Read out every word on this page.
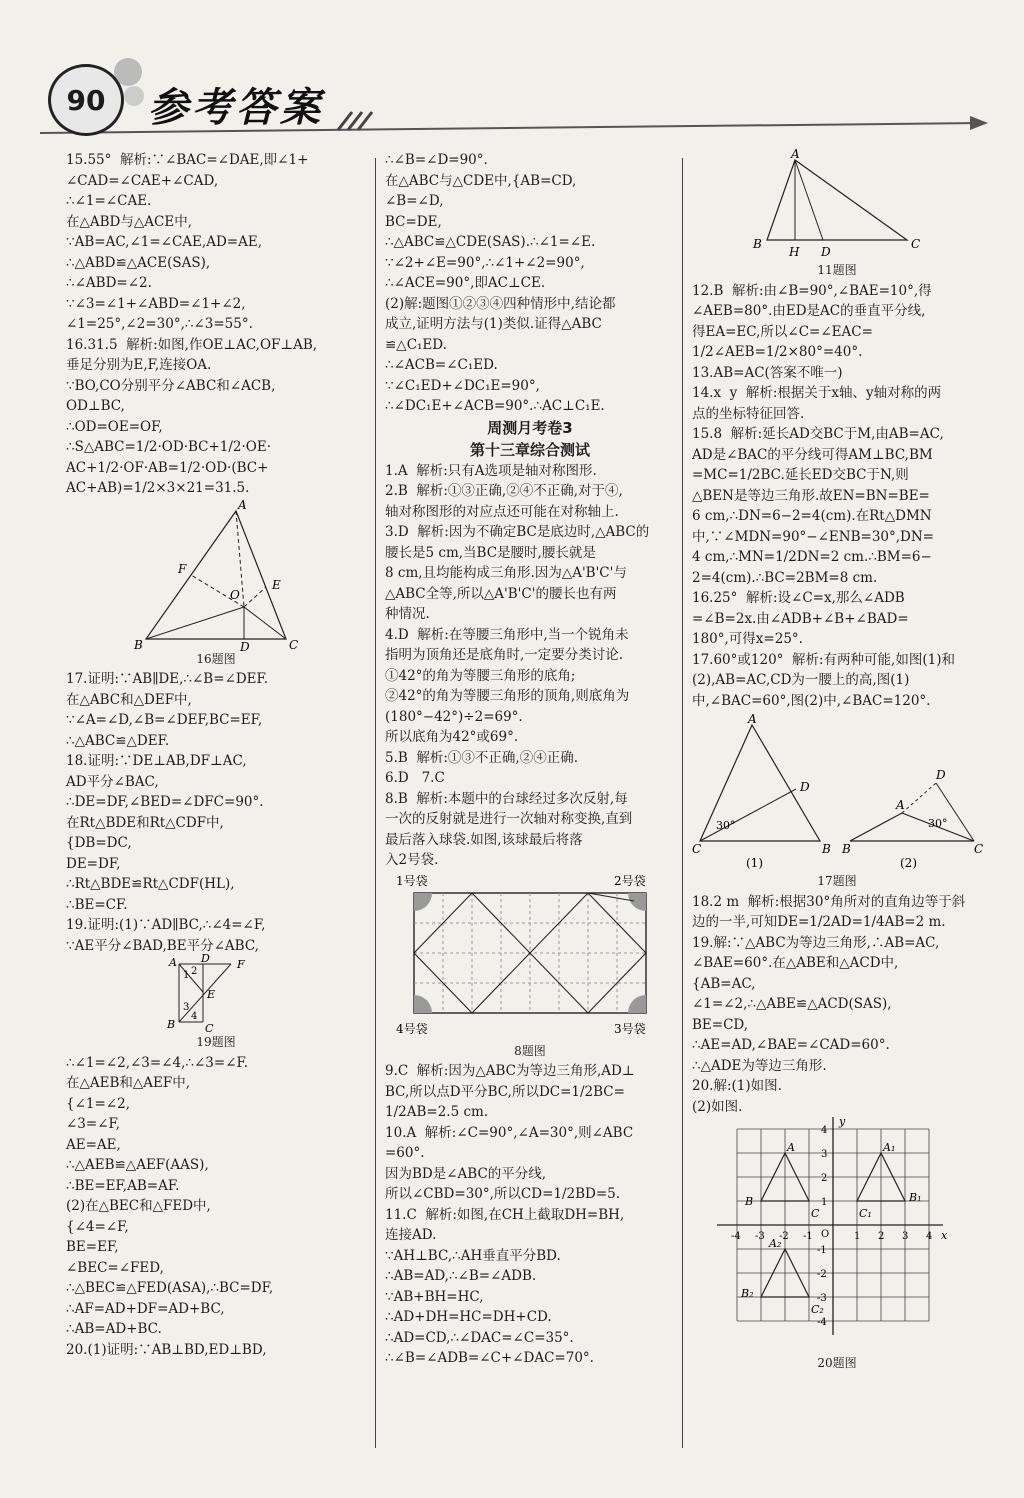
90	参考答案

15.55°  解析:∵∠BAC=∠DAE,即∠1+

∠CAD=∠CAE+∠CAD,

∴∠1=∠CAE.

在△ABD与△ACE中,

∵AB=AC,∠1=∠CAE,AD=AE,

∴△ABD≌△ACE(SAS),

∴∠ABD=∠2.

∵∠3=∠1+∠ABD=∠1+∠2,

∠1=25°,∠2=30°,∴∠3=55°.

16.31.5  解析:如图,作OE⊥AC,OF⊥AB,

垂足分别为E,F,连接OA.

∵BO,CO分别平分∠ABC和∠ACB,

OD⊥BC,

∴OD=OE=OF,

∴S△ABC=1/2·OD·BC+1/2·OE·

AC+1/2·OF·AB=1/2·OD·(BC+

AC+AB)=1/2×3×21=31.5.

A
B	C
D
E
F
O
16题图

17.证明:∵AB∥DE,∴∠B=∠DEF.

在△ABC和△DEF中,

∵∠A=∠D,∠B=∠DEF,BC=EF,

∴△ABC≌△DEF.

18.证明:∵DE⊥AB,DF⊥AC,

AD平分∠BAC,

∴DE=DF,∠BED=∠DFC=90°.

在Rt△BDE和Rt△CDF中,

{DB=DC,

DE=DF,

∴Rt△BDE≌Rt△CDF(HL),

∴BE=CF.

19.证明:(1)∵AD∥BC,∴∠4=∠F,

∵AE平分∠BAD,BE平分∠ABC,

A D F
E
B	C
1 2
3
4
19题图

∴∠1=∠2,∠3=∠4,∴∠3=∠F.

在△AEB和△AEF中,

{∠1=∠2,

∠3=∠F,

AE=AE,

∴△AEB≌△AEF(AAS),

∴BE=EF,AB=AF.

(2)在△BEC和△FED中,

{∠4=∠F,

BE=EF,

∠BEC=∠FED,

∴△BEC≌△FED(ASA),∴BC=DF,

∴AF=AD+DF=AD+BC,

∴AB=AD+BC.

20.(1)证明:∵AB⊥BD,ED⊥BD,

∴∠B=∠D=90°.

在△ABC与△CDE中,{AB=CD,

∠B=∠D,

BC=DE,

∴△ABC≌△CDE(SAS).∴∠1=∠E.

∵∠2+∠E=90°,∴∠1+∠2=90°,

∴∠ACE=90°,即AC⊥CE.

(2)解:题图①②③④四种情形中,结论都

成立,证明方法与(1)类似.证得△ABC

≌△C₁ED.

∴∠ACB=∠C₁ED.

∵∠C₁ED+∠DC₁E=90°,

∴∠DC₁E+∠ACB=90°.∴AC⊥C₁E.

周测月考卷3
第十三章综合测试

1.A  解析:只有A选项是轴对称图形.

2.B  解析:①③正确,②④不正确,对于④,

轴对称图形的对应点还可能在对称轴上.

3.D  解析:因为不确定BC是底边时,△ABC的

腰长是5 cm,当BC是腰时,腰长就是

8 cm,且均能构成三角形.因为△A'B'C'与

△ABC全等,所以△A'B'C'的腰长也有两

种情况.

4.D  解析:在等腰三角形中,当一个锐角未

指明为顶角还是底角时,一定要分类讨论.

①42°的角为等腰三角形的底角;

②42°的角为等腰三角形的顶角,则底角为

(180°−42°)÷2=69°.

所以底角为42°或69°.

5.B  解析:①③不正确,②④正确.

6.D   7.C

8.B  解析:本题中的台球经过多次反射,每

一次的反射就是进行一次轴对称变换,直到

最后落入球袋.如图,该球最后将落

入2号袋.

1号袋	2号袋
4号袋	3号袋
8题图

9.C  解析:因为△ABC为等边三角形,AD⊥

BC,所以点D平分BC,所以DC=1/2BC=

1/2AB=2.5 cm.

10.A  解析:∠C=90°,∠A=30°,则∠ABC

=60°.

因为BD是∠ABC的平分线,

所以∠CBD=30°,所以CD=1/2BD=5.

11.C  解析:如图,在CH上截取DH=BH,

连接AD.

∵AH⊥BC,∴AH垂直平分BD.

∴AB=AD,∴∠B=∠ADB.

∵AB+BH=HC,

∴AD+DH=HC=DH+CD.

∴AD=CD,∴∠DAC=∠C=35°.

∴∠B=∠ADB=∠C+∠DAC=70°.

A
B
H D
C
11题图

12.B  解析:由∠B=90°,∠BAE=10°,得

∠AEB=80°.由ED是AC的垂直平分线,

得EA=EC,所以∠C=∠EAC=

1/2∠AEB=1/2×80°=40°.

13.AB=AC(答案不唯一)

14.x  y  解析:根据关于x轴、y轴对称的两

点的坐标特征回答.

15.8  解析:延长AD交BC于M,由AB=AC,

AD是∠BAC的平分线可得AM⊥BC,BM

=MC=1/2BC.延长ED交BC于N,则

△BEN是等边三角形.故EN=BN=BE=

6 cm,∴DN=6−2=4(cm).在Rt△DMN

中,∵∠MDN=90°−∠ENB=30°,DN=

4 cm,∴MN=1/2DN=2 cm.∴BM=6−

2=4(cm).∴BC=2BM=8 cm.

16.25°  解析:设∠C=x,那么∠ADB

=∠B=2x.由∠ADB+∠B+∠BAD=

180°,可得x=25°.

17.60°或120°  解析:有两种可能,如图(1)和

(2),AB=AC,CD为一腰上的高,图(1)

中,∠BAC=60°,图(2)中,∠BAC=120°.

A
C	B
D
30°
A
B	C
D
30°
(1)	(2)
17题图

18.2 m  解析:根据30°角所对的直角边等于斜

边的一半,可知DE=1/2AD=1/4AB=2 m.

19.解:∵△ABC为等边三角形,∴AB=AC,

∠BAE=60°.在△ABE和△ACD中,

{AB=AC,

∠1=∠2,∴△ABE≌△ACD(SAS),

BE=CD,

∴AE=AD,∠BAE=∠CAD=60°.

∴△ADE为等边三角形.

20.解:(1)如图.

(2)如图.

x
y
O
A
B
C
A₁
B₁
C₁
A₂
B₂
C₂
-4 -3 -2 -1	1 2 3 4
4
3
2
1
-1
-2
-3
-4
20题图
